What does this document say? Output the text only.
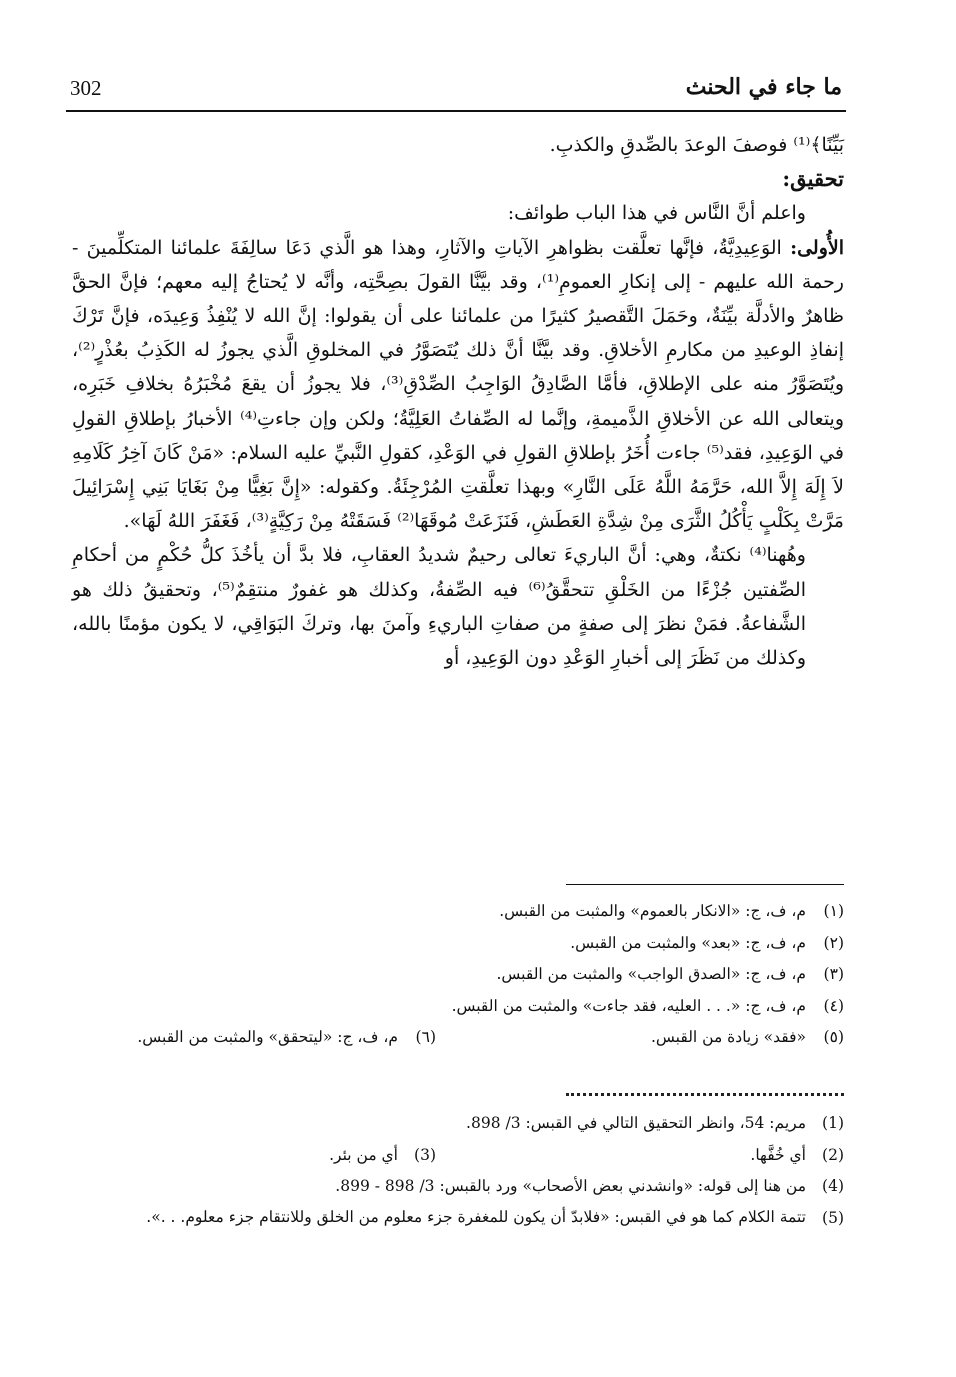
302	ما جاء في الحنث

بَيِّنًا﴾⁽¹⁾ فوصفَ الوعدَ بالصِّدقِ والكذبِ.

تحقيق:

واعلم أنَّ النَّاس في هذا الباب طوائف:

الأُولى: الوَعِيدِيَّةُ، فإنَّها تعلَّقت بظواهرِ الآياتِ والآثارِ، وهذا هو الَّذي دَعَا سالِفَةَ علمائنا المتكلِّمينَ - رحمة الله عليهم - إلى إنكارِ العمومِ⁽¹⁾، وقد بيَّنَّا القولَ بصِحَّتِه، وأنَّه لا يُحتاجُ إليه معهم؛ فإنَّ الحقَّ ظاهرٌ والأدلَّة بيِّنَةٌ، وحَمَلَ التَّقصيرُ كثيرًا من علمائنا على أن يقولوا: إنَّ الله لا يُنْفِذُ وَعِيدَه، فإنَّ تَرْكَ إنفاذِ الوعيدِ من مكارمِ الأخلاقِ. وقد بيَّنَّا أنَّ ذلك يُتَصَوَّرُ في المخلوقِ الَّذي يجوزُ له الكَذِبُ بعُذْرٍ⁽²⁾، ويُتَصَوَّرُ منه على الإطلاقِ، فأمَّا الصَّادِقُ الوَاجِبُ الصِّدْقِ⁽³⁾، فلا يجوزُ أن يقعَ مُخْبَرُهُ بخلافِ خَبَرِه، ويتعالى الله عن الأخلاقِ الذَّميمةِ، وإنَّما له الصِّفاتُ العَلِيَّةُ؛ ولكن وإن جاءتِ⁽⁴⁾ الأخبارُ بإطلاقِ القولِ في الوَعِيدِ، فقد⁽⁵⁾ جاءت أُخَرُ بإطلاقِ القولِ في الوَعْدِ، كقولِ النَّبيِّ عليه السلام: «مَنْ كَانَ آخِرُ كَلَامِهِ لاَ إِلَهَ إِلاَّ الله، حَرَّمَهُ اللَّهُ عَلَى النَّارِ» وبهذا تعلَّقتِ المُرْجِئَةُ. وكقوله: «إِنَّ بَغِيًّا مِنْ بَغَايَا بَنِي إِسْرَائِيلَ مَرَّتْ بِكَلْبٍ يَأْكُلُ الثَّرَى مِنْ شِدَّةِ العَطَشِ، فَنَزَعَتْ مُوقَهَا⁽²⁾ فَسَقَتْهُ مِنْ رَكِيَّةٍ⁽³⁾، فَغَفَرَ اللهُ لَهَا».

وهُهنا⁽⁴⁾ نكتةٌ، وهي: أنَّ الباريءَ تعالى رحيمٌ شديدُ العقابِ، فلا بدَّ أن يأخُذَ كلُّ حُكْمٍ من أحكامِ الصِّفتين جُزْءًا من الخَلْقِ تتحقَّقُ⁽⁶⁾ فيه الصِّفةُ، وكذلك هو غفورٌ منتقِمٌ⁽⁵⁾، وتحقيقُ ذلك هو الشَّفاعةُ. فمَنْ نظرَ إلى صفةٍ من صفاتِ الباريءِ وآمنَ بها، وتركَ البَوَاقِي، لا يكون مؤمنًا بالله، وكذلك من نَظَرَ إلى أخبارِ الوَعْدِ دون الوَعِيدِ، أو

(١)
م، ف، ج: «الانكار بالعموم» والمثبت من القبس.
(٢)
م، ف، ج: «بعد» والمثبت من القبس.
(٣)
م، ف، ج: «الصدق الواجب» والمثبت من القبس.
(٤)
م، ف، ج: «. . . العليه، فقد جاءت» والمثبت من القبس.
(٥)
«فقد» زيادة من القبس.
(٦)
م، ف، ج: «ليتحقق» والمثبت من القبس.
(1)
مريم: 54، وانظر التحقيق التالي في القبس: 3/ 898.
(2)
أي خُفَّها.
(3)
أي من بئر.
(4)
من هنا إلى قوله: «وانشدني بعض الأصحاب» ورد بالقبس: 3/ 898 - 899.
(5)
تتمة الكلام كما هو في القبس: «فلابدّ أن يكون للمغفرة جزء معلوم من الخلق وللانتقام جزء معلوم. . .».
